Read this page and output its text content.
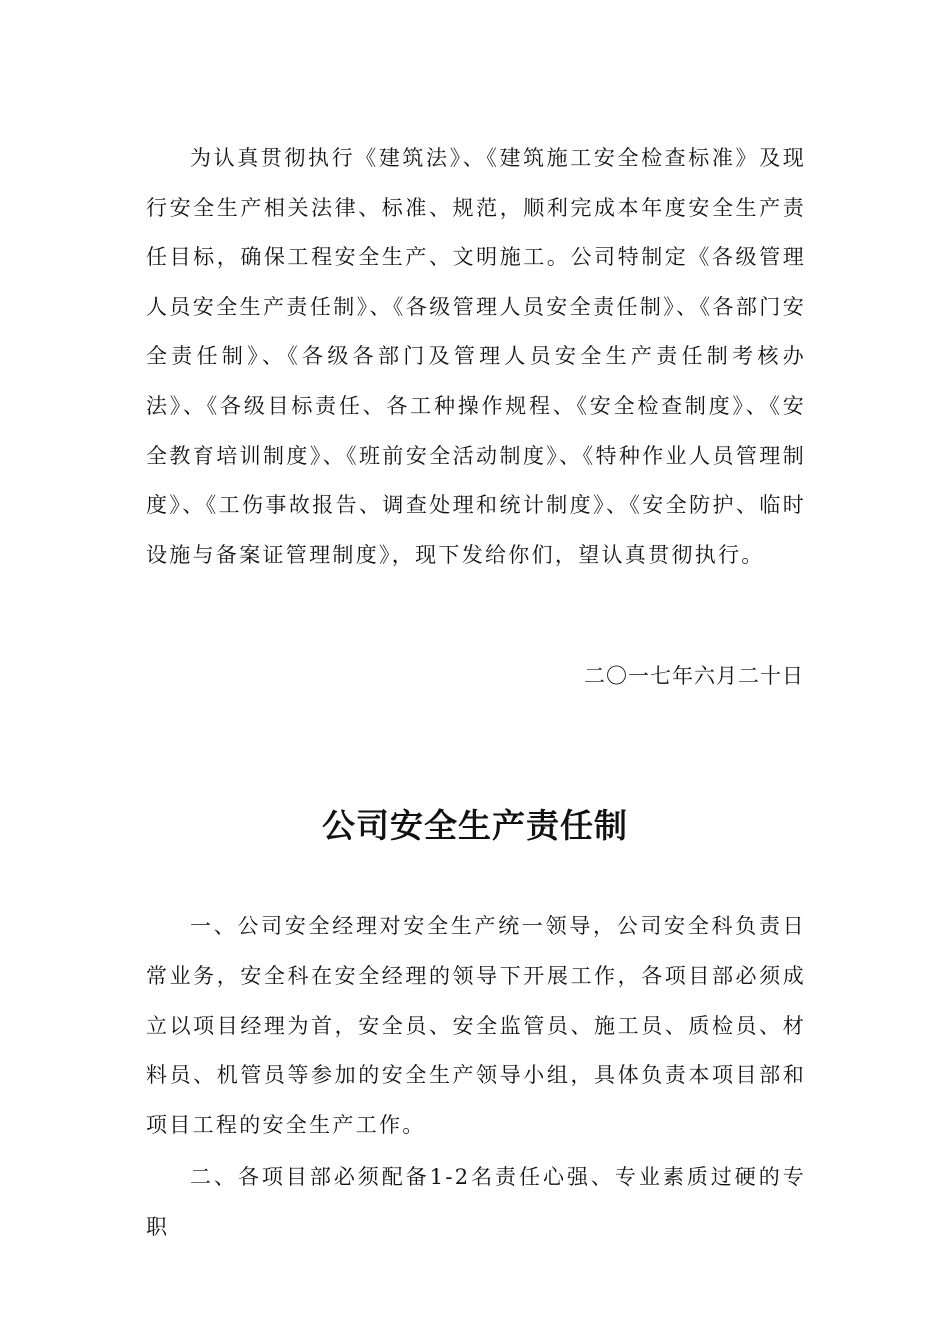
为认真贯彻执行《建筑法》、《建筑施工安全检查标准》及现行安全生产相关法律、标准、规范，顺利完成本年度安全生产责任目标，确保工程安全生产、文明施工。公司特制定《各级管理人员安全生产责任制》、《各级管理人员安全责任制》、《各部门安全责任制》、《各级各部门及管理人员安全生产责任制考核办法》、《各级目标责任、各工种操作规程、《安全检查制度》、《安全教育培训制度》、《班前安全活动制度》、《特种作业人员管理制度》、《工伤事故报告、调查处理和统计制度》、《安全防护、临时设施与备案证管理制度》，现下发给你们，望认真贯彻执行。

二〇一七年六月二十日

公司安全生产责任制

一、公司安全经理对安全生产统一领导，公司安全科负责日常业务，安全科在安全经理的领导下开展工作，各项目部必须成立以项目经理为首，安全员、安全监管员、施工员、质检员、材料员、机管员等参加的安全生产领导小组，具体负责本项目部和项目工程的安全生产工作。

二、各项目部必须配备1-2名责任心强、专业素质过硬的专职
